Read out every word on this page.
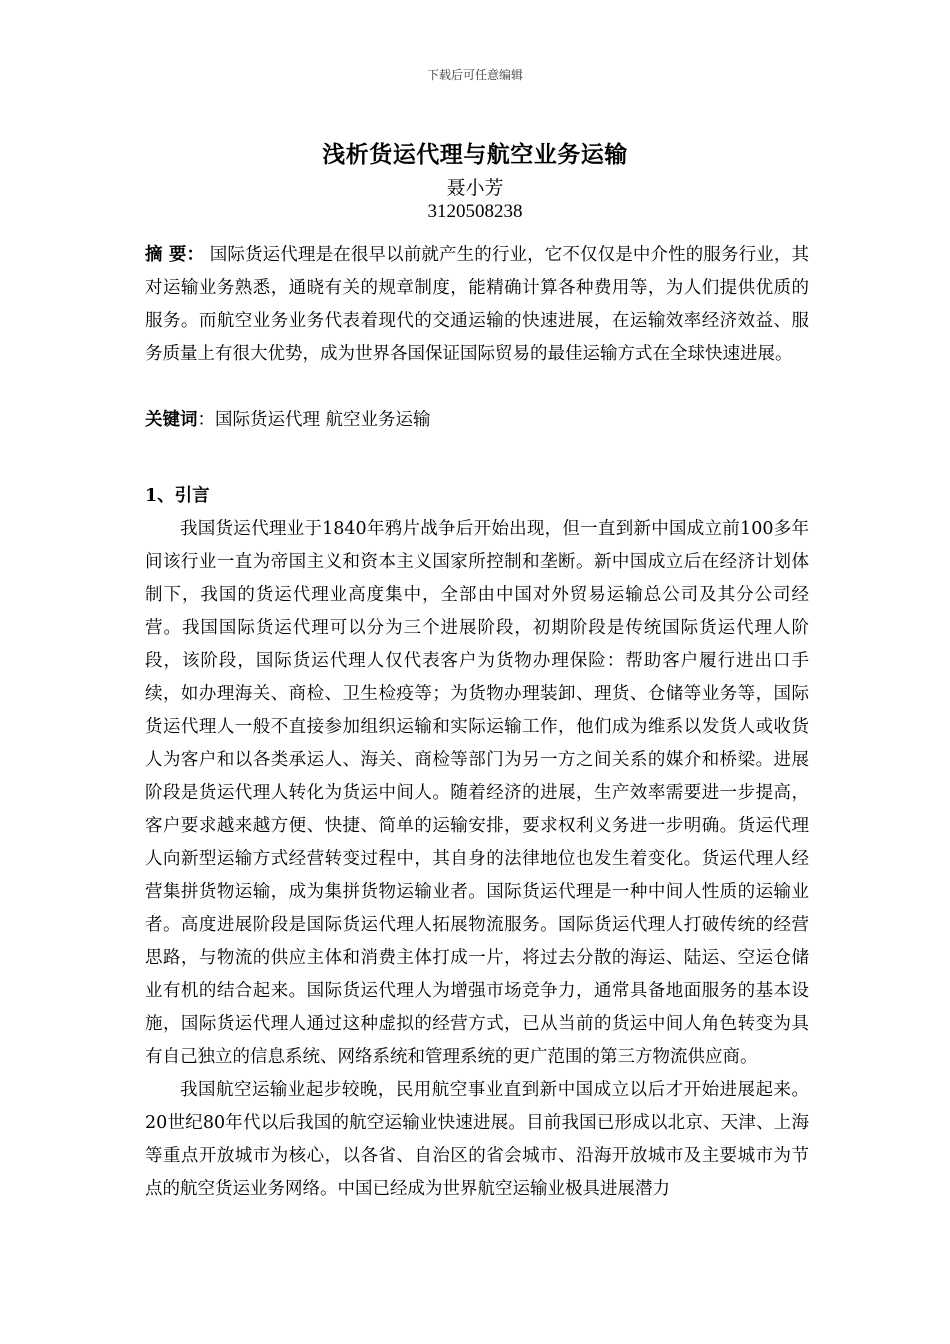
下载后可任意编辑
浅析货运代理与航空业务运输
聂小芳
3120508238
摘 要： 国际货运代理是在很早以前就产生的行业，它不仅仅是中介性的服务行业，其对运输业务熟悉，通晓有关的规章制度，能精确计算各种费用等，为人们提供优质的服务。而航空业务业务代表着现代的交通运输的快速进展，在运输效率经济效益、服务质量上有很大优势，成为世界各国保证国际贸易的最佳运输方式在全球快速进展。
关键词：国际货运代理 航空业务运输

1、引言

我国货运代理业于1840年鸦片战争后开始出现，但一直到新中国成立前100多年间该行业一直为帝国主义和资本主义国家所控制和垄断。新中国成立后在经济计划体制下，我国的货运代理业高度集中，全部由中国对外贸易运输总公司及其分公司经营。我国国际货运代理可以分为三个进展阶段，初期阶段是传统国际货运代理人阶段，该阶段，国际货运代理人仅代表客户为货物办理保险：帮助客户履行进出口手续，如办理海关、商检、卫生检疫等；为货物办理装卸、理货、仓储等业务等，国际货运代理人一般不直接参加组织运输和实际运输工作，他们成为维系以发货人或收货人为客户和以各类承运人、海关、商检等部门为另一方之间关系的媒介和桥梁。进展阶段是货运代理人转化为货运中间人。随着经济的进展，生产效率需要进一步提高，客户要求越来越方便、快捷、简单的运输安排，要求权利义务进一步明确。货运代理人向新型运输方式经营转变过程中，其自身的法律地位也发生着变化。货运代理人经营集拼货物运输，成为集拼货物运输业者。国际货运代理是一种中间人性质的运输业者。高度进展阶段是国际货运代理人拓展物流服务。国际货运代理人打破传统的经营思路，与物流的供应主体和消费主体打成一片，将过去分散的海运、陆运、空运仓储业有机的结合起来。国际货运代理人为增强市场竞争力，通常具备地面服务的基本设施，国际货运代理人通过这种虚拟的经营方式，已从当前的货运中间人角色转变为具有自己独立的信息系统、网络系统和管理系统的更广范围的第三方物流供应商。

我国航空运输业起步较晚，民用航空事业直到新中国成立以后才开始进展起来。20世纪80年代以后我国的航空运输业快速进展。目前我国已形成以北京、天津、上海等重点开放城市为核心，以各省、自治区的省会城市、沿海开放城市及主要城市为节点的航空货运业务网络。中国已经成为世界航空运输业极具进展潜力
